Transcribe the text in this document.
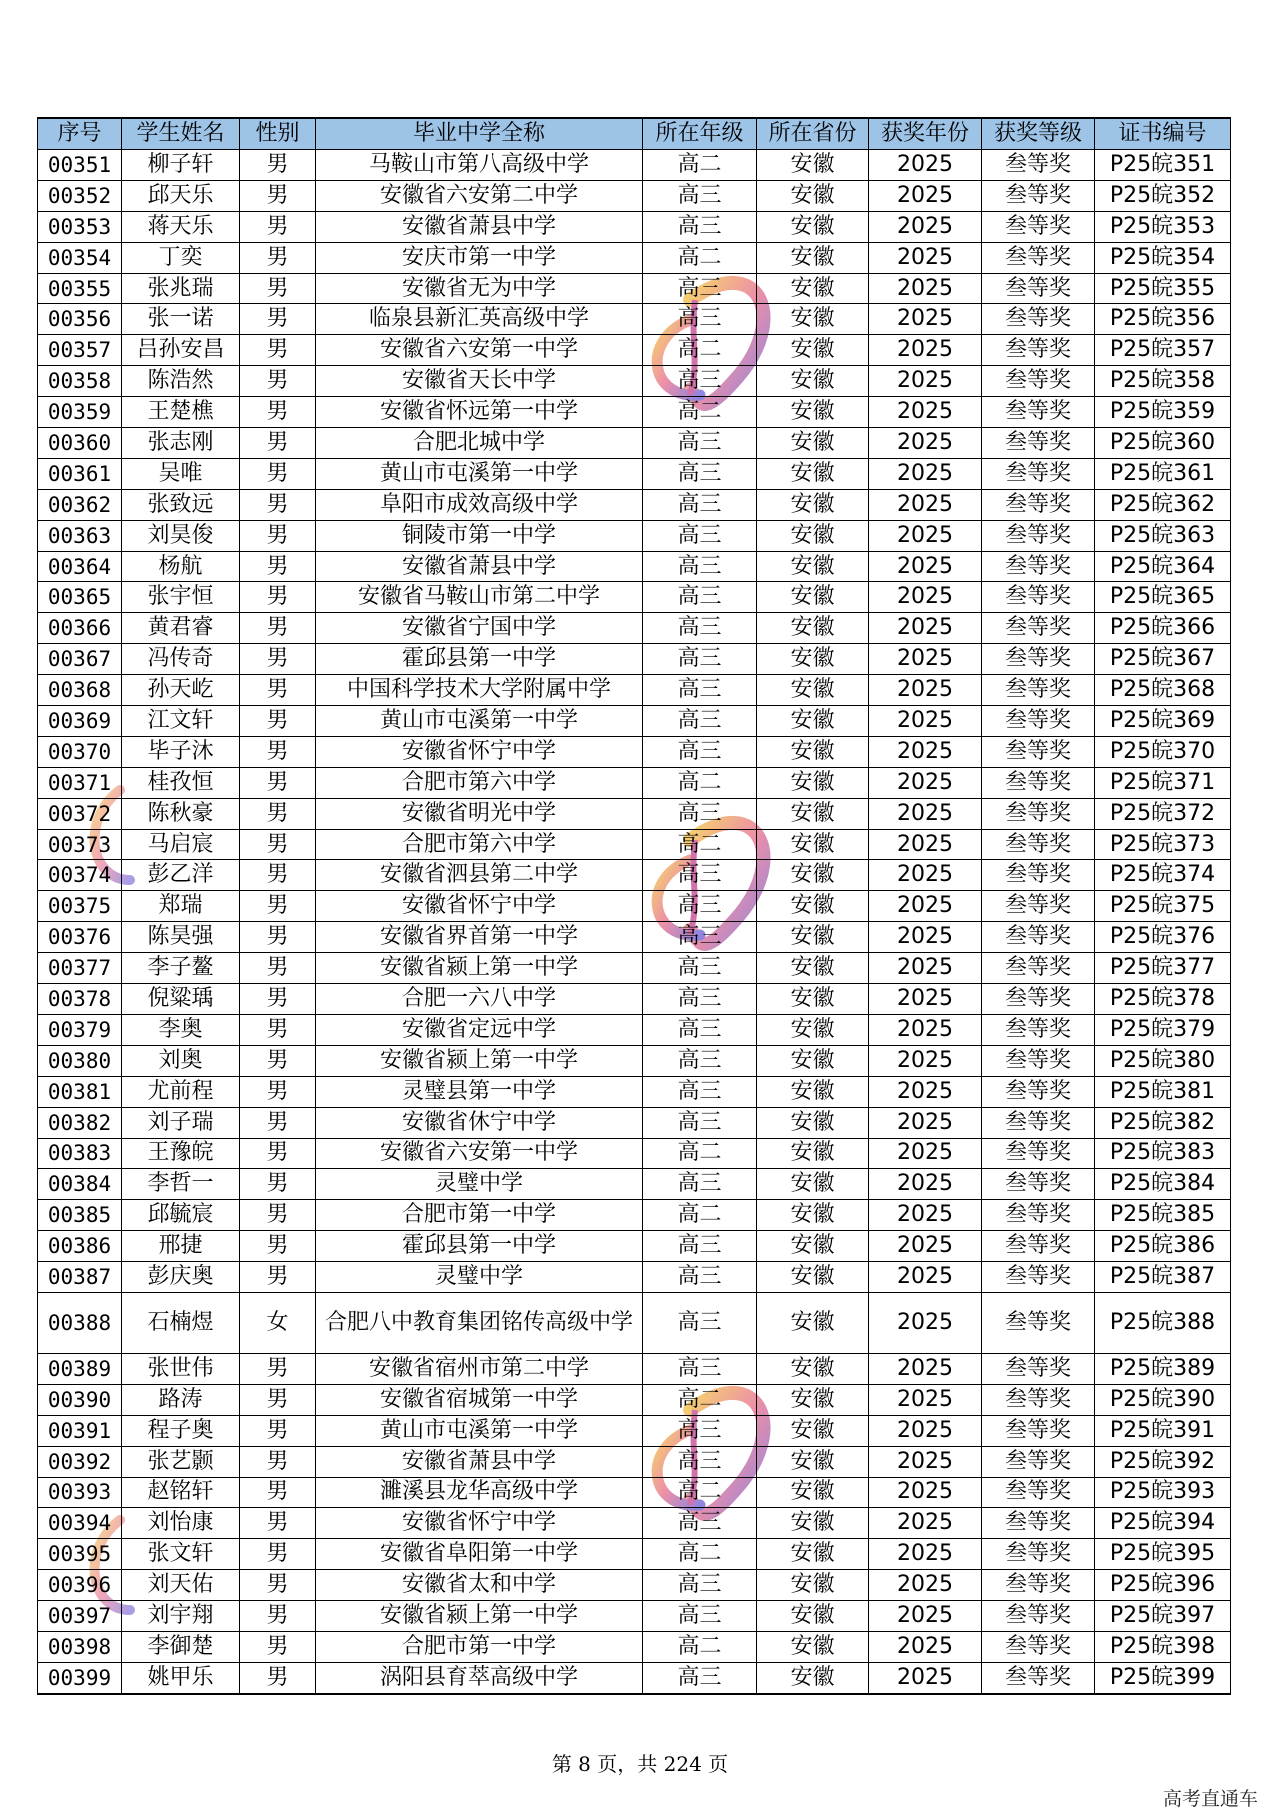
序号	学生姓名	性别	毕业中学全称	所在年级	所在省份	获奖年份	获奖等级	证书编号
00351	柳子轩	男	马鞍山市第八高级中学	高二	安徽	2025	叁等奖	P25皖351
00352	邱天乐	男	安徽省六安第二中学	高三	安徽	2025	叁等奖	P25皖352
00353	蒋天乐	男	安徽省萧县中学	高三	安徽	2025	叁等奖	P25皖353
00354	丁奕	男	安庆市第一中学	高二	安徽	2025	叁等奖	P25皖354
00355	张兆瑞	男	安徽省无为中学	高三	安徽	2025	叁等奖	P25皖355
00356	张一诺	男	临泉县新汇英高级中学	高三	安徽	2025	叁等奖	P25皖356
00357	吕孙安昌	男	安徽省六安第一中学	高二	安徽	2025	叁等奖	P25皖357
00358	陈浩然	男	安徽省天长中学	高三	安徽	2025	叁等奖	P25皖358
00359	王楚樵	男	安徽省怀远第一中学	高二	安徽	2025	叁等奖	P25皖359
00360	张志刚	男	合肥北城中学	高三	安徽	2025	叁等奖	P25皖360
00361	吴唯	男	黄山市屯溪第一中学	高三	安徽	2025	叁等奖	P25皖361
00362	张致远	男	阜阳市成效高级中学	高三	安徽	2025	叁等奖	P25皖362
00363	刘昊俊	男	铜陵市第一中学	高三	安徽	2025	叁等奖	P25皖363
00364	杨航	男	安徽省萧县中学	高三	安徽	2025	叁等奖	P25皖364
00365	张宇恒	男	安徽省马鞍山市第二中学	高三	安徽	2025	叁等奖	P25皖365
00366	黄君睿	男	安徽省宁国中学	高三	安徽	2025	叁等奖	P25皖366
00367	冯传奇	男	霍邱县第一中学	高三	安徽	2025	叁等奖	P25皖367
00368	孙天屹	男	中国科学技术大学附属中学	高三	安徽	2025	叁等奖	P25皖368
00369	江文轩	男	黄山市屯溪第一中学	高三	安徽	2025	叁等奖	P25皖369
00370	毕子沐	男	安徽省怀宁中学	高三	安徽	2025	叁等奖	P25皖370
00371	桂孜恒	男	合肥市第六中学	高二	安徽	2025	叁等奖	P25皖371
00372	陈秋豪	男	安徽省明光中学	高三	安徽	2025	叁等奖	P25皖372
00373	马启宸	男	合肥市第六中学	高二	安徽	2025	叁等奖	P25皖373
00374	彭乙洋	男	安徽省泗县第二中学	高三	安徽	2025	叁等奖	P25皖374
00375	郑瑞	男	安徽省怀宁中学	高三	安徽	2025	叁等奖	P25皖375
00376	陈昊强	男	安徽省界首第一中学	高三	安徽	2025	叁等奖	P25皖376
00377	李子鳌	男	安徽省颍上第一中学	高三	安徽	2025	叁等奖	P25皖377
00378	倪粱瑀	男	合肥一六八中学	高三	安徽	2025	叁等奖	P25皖378
00379	李奥	男	安徽省定远中学	高三	安徽	2025	叁等奖	P25皖379
00380	刘奥	男	安徽省颍上第一中学	高三	安徽	2025	叁等奖	P25皖380
00381	尤前程	男	灵璧县第一中学	高三	安徽	2025	叁等奖	P25皖381
00382	刘子瑞	男	安徽省休宁中学	高三	安徽	2025	叁等奖	P25皖382
00383	王豫皖	男	安徽省六安第一中学	高二	安徽	2025	叁等奖	P25皖383
00384	李哲一	男	灵璧中学	高三	安徽	2025	叁等奖	P25皖384
00385	邱毓宸	男	合肥市第一中学	高二	安徽	2025	叁等奖	P25皖385
00386	邢捷	男	霍邱县第一中学	高三	安徽	2025	叁等奖	P25皖386
00387	彭庆奥	男	灵璧中学	高三	安徽	2025	叁等奖	P25皖387
00388	石楠煜	女	合肥八中教育集团铭传高级中学	高三	安徽	2025	叁等奖	P25皖388
00389	张世伟	男	安徽省宿州市第二中学	高三	安徽	2025	叁等奖	P25皖389
00390	路涛	男	安徽省宿城第一中学	高二	安徽	2025	叁等奖	P25皖390
00391	程子奥	男	黄山市屯溪第一中学	高三	安徽	2025	叁等奖	P25皖391
00392	张艺颢	男	安徽省萧县中学	高三	安徽	2025	叁等奖	P25皖392
00393	赵铭轩	男	濉溪县龙华高级中学	高二	安徽	2025	叁等奖	P25皖393
00394	刘怡康	男	安徽省怀宁中学	高三	安徽	2025	叁等奖	P25皖394
00395	张文轩	男	安徽省阜阳第一中学	高二	安徽	2025	叁等奖	P25皖395
00396	刘天佑	男	安徽省太和中学	高三	安徽	2025	叁等奖	P25皖396
00397	刘宇翔	男	安徽省颍上第一中学	高三	安徽	2025	叁等奖	P25皖397
00398	李御楚	男	合肥市第一中学	高二	安徽	2025	叁等奖	P25皖398
00399	姚甲乐	男	涡阳县育萃高级中学	高三	安徽	2025	叁等奖	P25皖399
第 8 页，共 224 页
高考直通车
